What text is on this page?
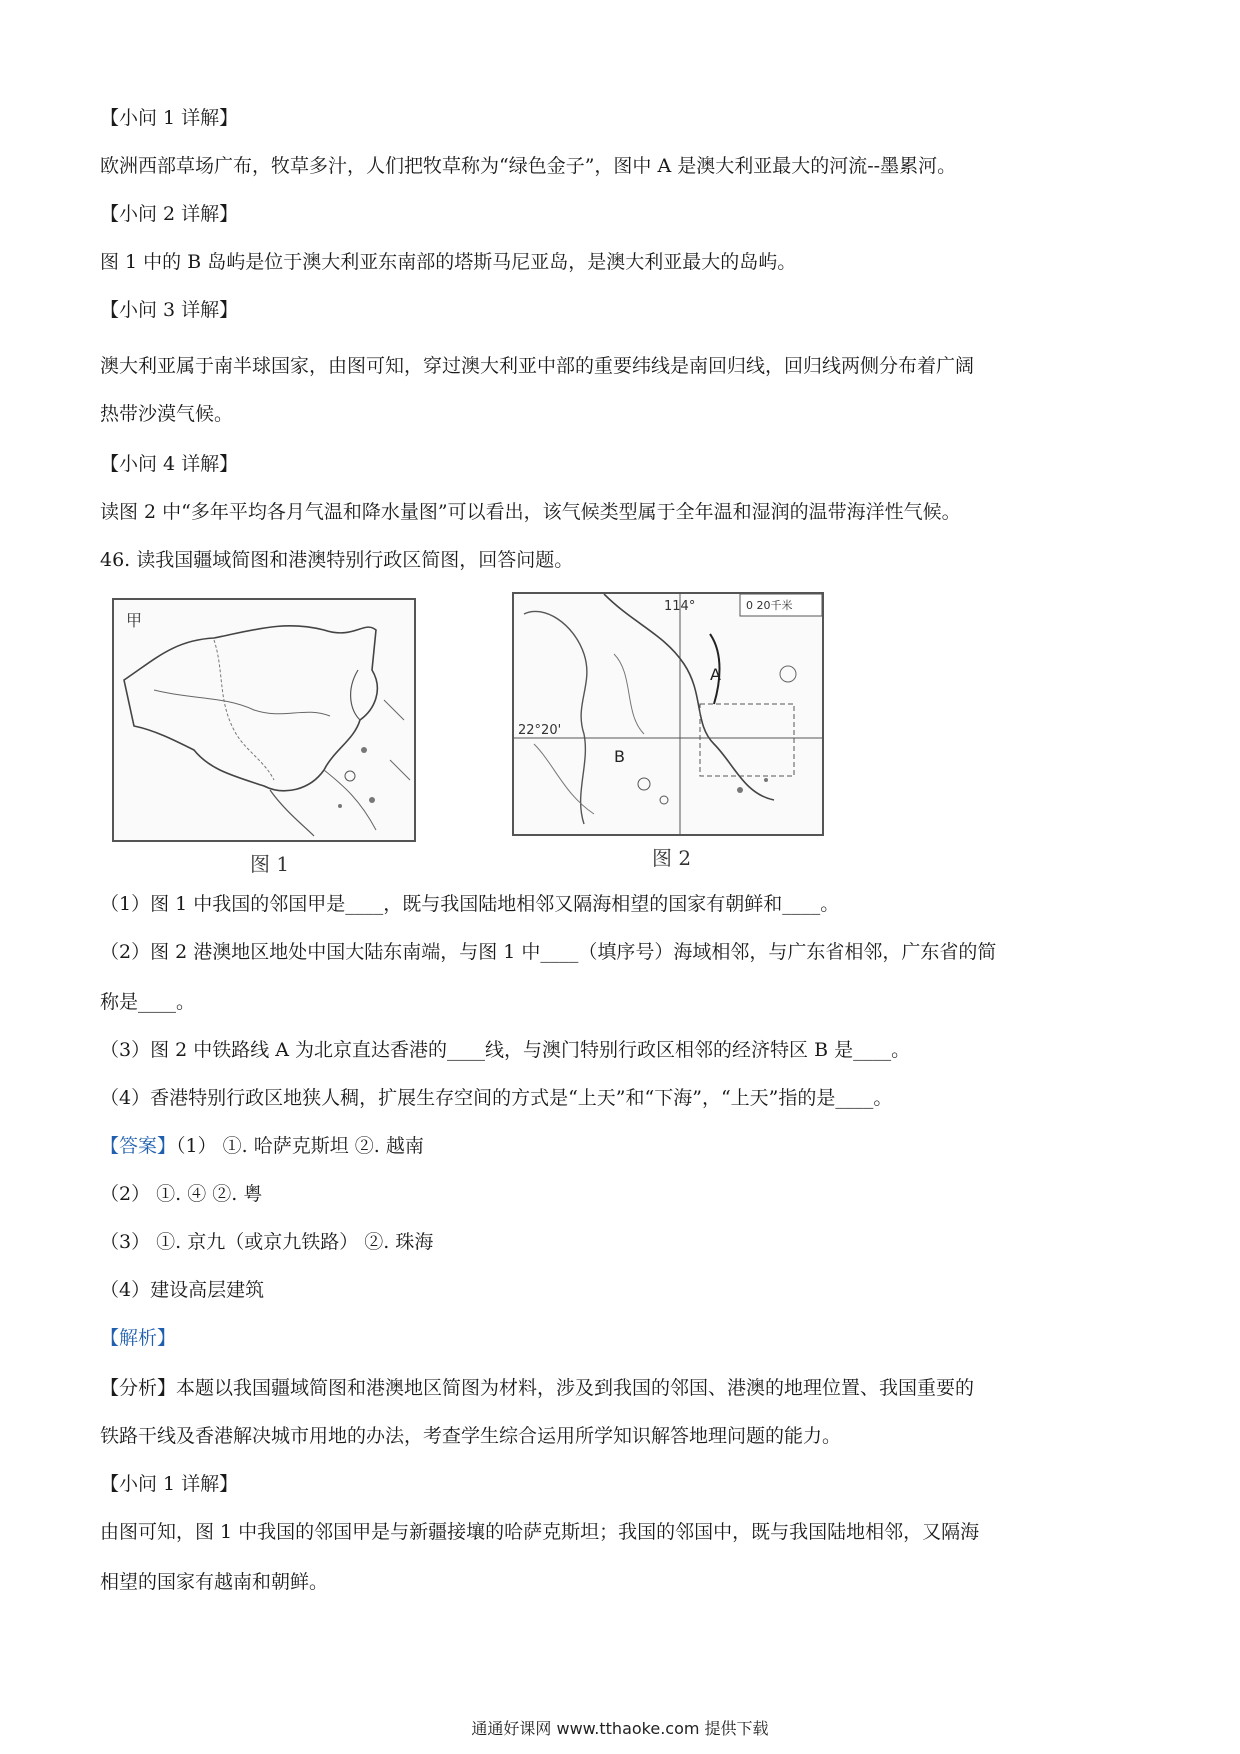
【小问 1 详解】
欧洲西部草场广布，牧草多汁，人们把牧草称为“绿色金子”，图中 A 是澳大利亚最大的河流--墨累河。
【小问 2 详解】
图 1 中的 B 岛屿是位于澳大利亚东南部的塔斯马尼亚岛，是澳大利亚最大的岛屿。
【小问 3 详解】
澳大利亚属于南半球国家，由图可知，穿过澳大利亚中部的重要纬线是南回归线，回归线两侧分布着广阔
热带沙漠气候。
【小问 4 详解】
读图 2 中“多年平均各月气温和降水量图”可以看出，该气候类型属于全年温和湿润的温带海洋性气候。
46. 读我国疆域简图和港澳特别行政区简图，回答问题。
甲
图 1
114°	0 20千米
22°20'
A
B
图 2
（1）图 1 中我国的邻国甲是____，既与我国陆地相邻又隔海相望的国家有朝鲜和____。
（2）图 2 港澳地区地处中国大陆东南端，与图 1 中____（填序号）海域相邻，与广东省相邻，广东省的简
称是____。
（3）图 2 中铁路线 A 为北京直达香港的____线，与澳门特别行政区相邻的经济特区 B 是____。
（4）香港特别行政区地狭人稠，扩展生存空间的方式是“上天”和“下海”，“上天”指的是____。
【答案】（1） ①. 哈萨克斯坦 ②. 越南
（2） ①. ④ ②. 粤
（3） ①. 京九（或京九铁路） ②. 珠海
（4）建设高层建筑
【解析】
【分析】本题以我国疆域简图和港澳地区简图为材料，涉及到我国的邻国、港澳的地理位置、我国重要的
铁路干线及香港解决城市用地的办法，考查学生综合运用所学知识解答地理问题的能力。
【小问 1 详解】
由图可知，图 1 中我国的邻国甲是与新疆接壤的哈萨克斯坦；我国的邻国中，既与我国陆地相邻，又隔海
相望的国家有越南和朝鲜。
通通好课网 www.tthaoke.com 提供下载
